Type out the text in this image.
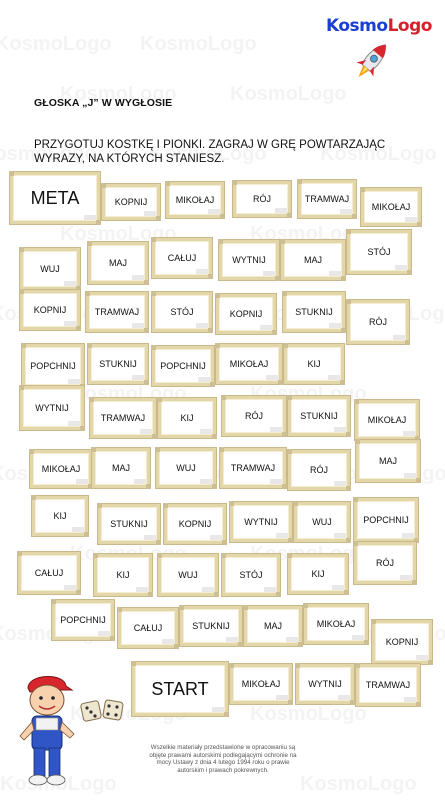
KosmoLogo
GŁOSKA „J” W WYGŁOSIE
PRZYGOTUJ KOSTKĘ I PIONKI. ZAGRAJ W GRĘ POWTARZAJĄC WYRAZY, NA KTÓRYCH STANIESZ.
META	KOPNIJ	MIKOŁAJ	RÓJ	TRAMWAJ
MIKOŁAJ
STÓJ
WYTNIJ	MAJ
CAŁUJ
MAJ
WUJ
KOPNIJ	TRAMWAJ	STÓJ	KOPNIJ	STUKNIJ
RÓJ
POPCHNIJ	STUKNIJ	POPCHNIJ	MIKOŁAJ	KIJ
WYTNIJ
TRAMWAJ	KIJ	RÓJ	STUKNIJ	MIKOŁAJ
MIKOŁAJ	MAJ	WUJ	TRAMWAJ	RÓJ
MAJ
KIJ
STUKNIJ	KOPNIJ	WYTNIJ	WUJ	POPCHNIJ
CAŁUJ	KIJ	WUJ	STÓJ	KIJ
RÓJ
POPCHNIJ
CAŁUJ	STUKNIJ	MAJ	MIKOŁAJ
KOPNIJ
START	MIKOŁAJ	WYTNIJ	TRAMWAJ
Wszelkie materiały przedstawione w opracowaniu są objęte prawami autorskimi podlegającymi ochronie na mocy Ustawy z dnia 4 lutego 1994 roku o prawie autorskim i prawach pokrewnych.
